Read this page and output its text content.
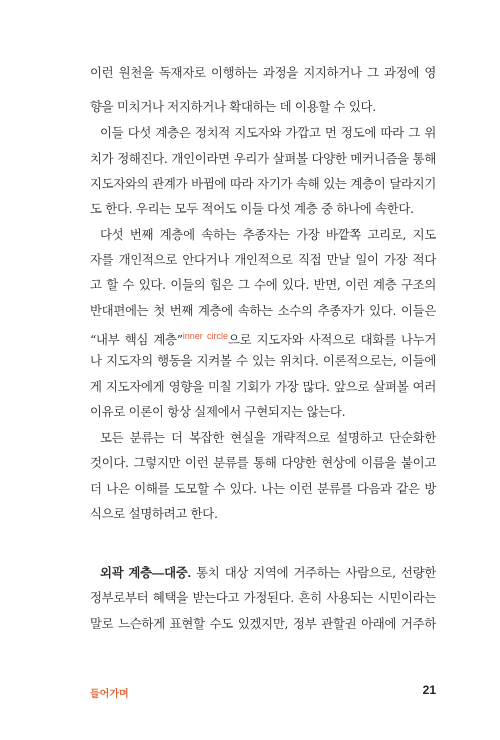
이런 원천을 독재자로 이행하는 과정을 지지하거나 그 과정에 영
향을 미치거나 저지하거나 확대하는 데 이용할 수 있다.
이들 다섯 계층은 정치적 지도자와 가깝고 먼 정도에 따라 그 위
치가 정해진다. 개인이라면 우리가 살펴볼 다양한 메커니즘을 통해
지도자와의 관계가 바뀜에 따라 자기가 속해 있는 계층이 달라지기
도 한다. 우리는 모두 적어도 이들 다섯 계층 중 하나에 속한다.
다섯 번째 계층에 속하는 추종자는 가장 바깥쪽 고리로, 지도
자를 개인적으로 안다거나 개인적으로 직접 만날 일이 가장 적다
고 할 수 있다. 이들의 힘은 그 수에 있다. 반면, 이런 계층 구조의
반대편에는 첫 번째 계층에 속하는 소수의 추종자가 있다. 이들은
“내부 핵심 계층”$^{inner circle}$으로 지도자와 사적으로 대화를 나누거
나 지도자의 행동을 지켜볼 수 있는 위치다. 이론적으로는, 이들에
게 지도자에게 영향을 미칠 기회가 가장 많다. 앞으로 살펴볼 여러
이유로 이론이 항상 실제에서 구현되지는 않는다.
모든 분류는 더 복잡한 현실을 개략적으로 설명하고 단순화한
것이다. 그렇지만 이런 분류를 통해 다양한 현상에 이름을 붙이고
더 나은 이해를 도모할 수 있다. 나는 이런 분류를 다음과 같은 방
식으로 설명하려고 한다.
외곽 계층—대중. 통치 대상 지역에 거주하는 사람으로, 선량한
정부로부터 혜택을 받는다고 가정된다. 흔히 사용되는 시민이라는
말로 느슨하게 표현할 수도 있겠지만, 정부 관할권 아래에 거주하
들어가며	21
